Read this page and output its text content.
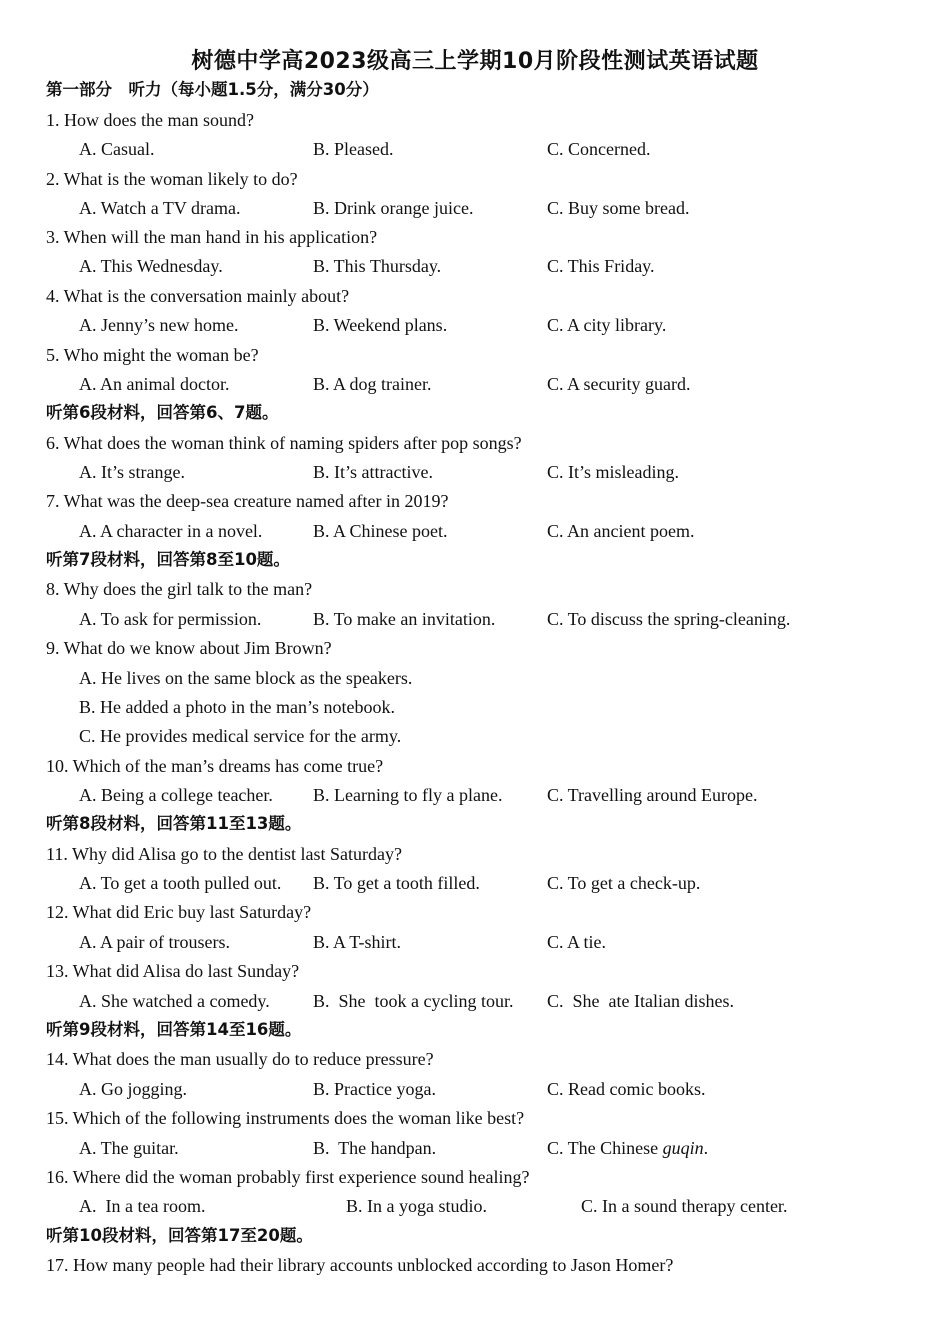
树德中学高2023级高三上学期10月阶段性测试英语试题
第一部分　听力（每小题1.5分，满分30分）
1. How does the man sound?
A. Casual.	B. Pleased.	C. Concerned.
2. What is the woman likely to do?
A. Watch a TV drama.	B. Drink orange juice.	C. Buy some bread.
3. When will the man hand in his application?
A. This Wednesday.	B. This Thursday.	C. This Friday.
4. What is the conversation mainly about?
A. Jenny’s new home.	B. Weekend plans.	C. A city library.
5. Who might the woman be?
A. An animal doctor.	B. A dog trainer.	C. A security guard.
听第6段材料，回答第6、7题。
6. What does the woman think of naming spiders after pop songs?
A. It’s strange.	B. It’s attractive.	C. It’s misleading.
7. What was the deep-sea creature named after in 2019?
A. A character in a novel.	B. A Chinese poet.	C. An ancient poem.
听第7段材料，回答第8至10题。
8. Why does the girl talk to the man?
A. To ask for permission.	B. To make an invitation.	C. To discuss the spring-cleaning.
9. What do we know about Jim Brown?
A. He lives on the same block as the speakers.
B. He added a photo in the man’s notebook.
C. He provides medical service for the army.
10. Which of the man’s dreams has come true?
A. Being a college teacher. B. Learning to fly a plane. C. Travelling around Europe.
听第8段材料，回答第11至13题。
11. Why did Alisa go to the dentist last Saturday?
A. To get a tooth pulled out. B. To get a tooth filled.	C. To get a check-up.
12. What did Eric buy last Saturday?
A. A pair of trousers.	B. A T-shirt.	C. A tie.
13. What did Alisa do last Sunday?
A. She watched a comedy. B.  She  took a cycling tour. C.  She  ate Italian dishes.
听第9段材料，回答第14至16题。
14. What does the man usually do to reduce pressure?
A. Go jogging.	B. Practice yoga.	C. Read comic books.
15. Which of the following instruments does the woman like best?
A. The guitar.	B.  The handpan.	C. The Chinese guqin.
16. Where did the woman probably first experience sound healing?
A.  In a tea room.	B. In a yoga studio.	C. In a sound therapy center.
听第10段材料，回答第17至20题。
17. How many people had their library accounts unblocked according to Jason Homer?
